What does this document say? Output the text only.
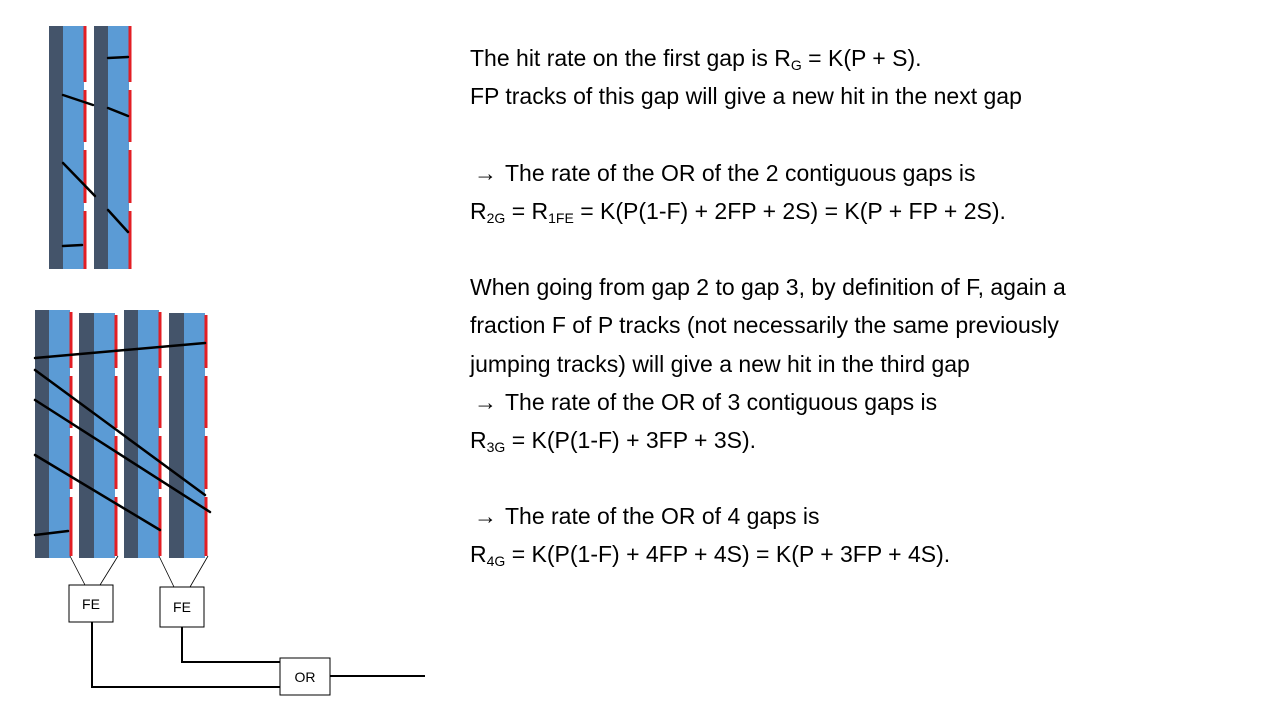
FE	FE
OR
The hit rate on the first gap is $R_G = K(P + S)$.
FP tracks of this gap will give a new hit in the next gap
→ The rate of the OR of the 2 contiguous gaps is
$R_{2G} = R_{1FE} = K(P(1-F) + 2FP + 2S) = K(P$ + FP + 2S).
When going from gap 2 to gap 3, by definition of F, again a
fraction F of P tracks (not necessarily the same previously
jumping tracks) will give a new hit in the third gap
→ The rate of the OR of 3 contiguous gaps is
$R_{3G} = K(P(1-F) + 3FP + 3S)$.
→ The rate of the OR of 4 gaps is
$R_{4G} = K(P(1-F) + 4FP + 4S) = K(P + 3FP + 4S)$.
